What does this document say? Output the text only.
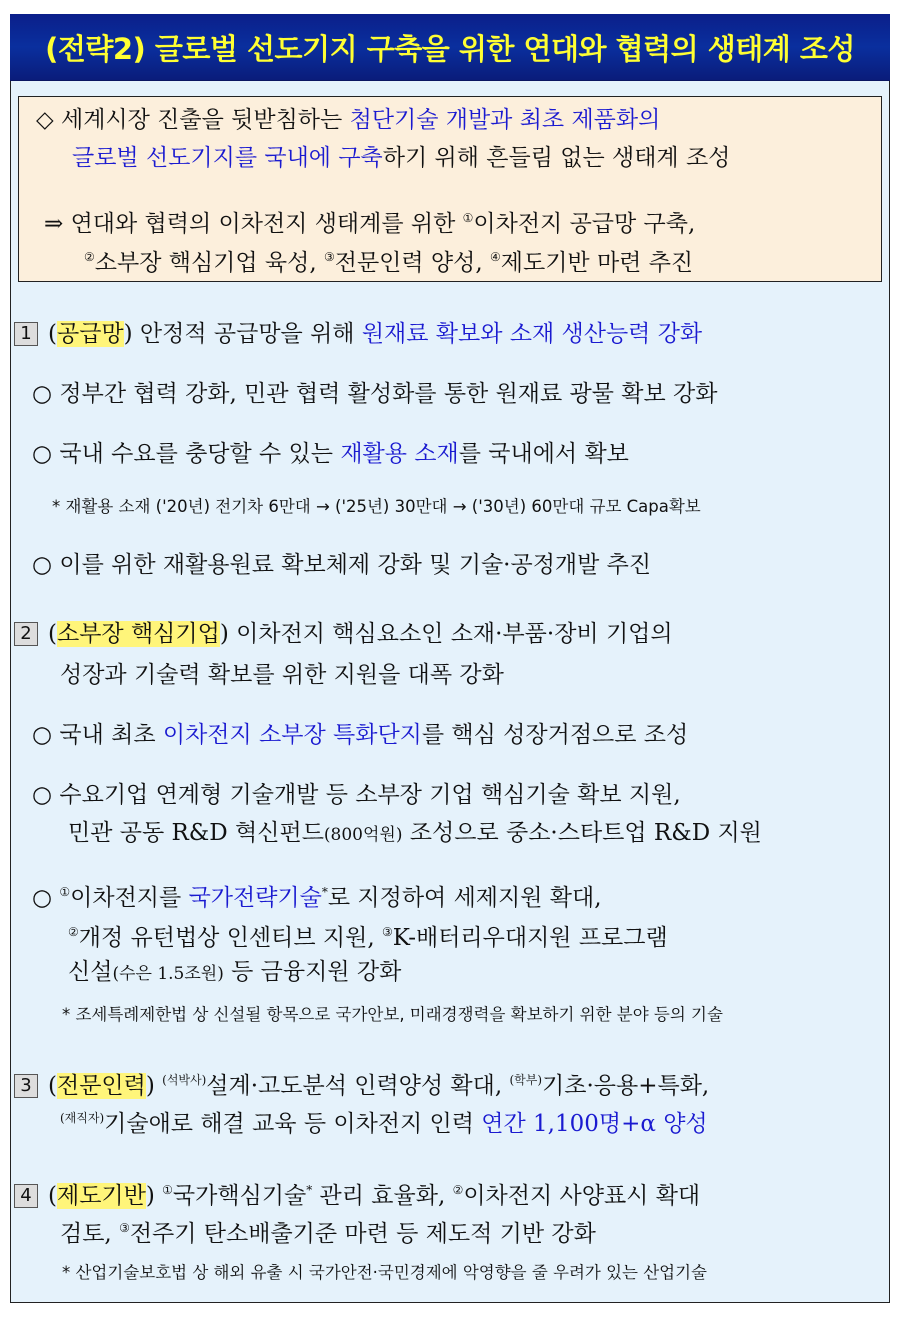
(전략2) 글로벌 선도기지 구축을 위한 연대와 협력의 생태계 조성
◇ 세계시장 진출을 뒷받침하는 첨단기술 개발과 최초 제품화의
글로벌 선도기지를 국내에 구축하기 위해 흔들림 없는 생태계 조성
⇒ 연대와 협력의 이차전지 생태계를 위한 ①이차전지 공급망 구축,
②소부장 핵심기업 육성, ③전문인력 양성, ④제도기반 마련 추진
1 (공급망) 안정적 공급망을 위해 원재료 확보와 소재 생산능력 강화
○ 정부간 협력 강화, 민관 협력 활성화를 통한 원재료 광물 확보 강화
○ 국내 수요를 충당할 수 있는 재활용 소재를 국내에서 확보
* 재활용 소재 ('20년) 전기차 6만대 → ('25년) 30만대 → ('30년) 60만대 규모 Capa확보
○ 이를 위한 재활용원료 확보체제 강화 및 기술·공정개발 추진
2 (소부장 핵심기업) 이차전지 핵심요소인 소재·부품·장비 기업의
성장과 기술력 확보를 위한 지원을 대폭 강화
○ 국내 최초 이차전지 소부장 특화단지를 핵심 성장거점으로 조성
○ 수요기업 연계형 기술개발 등 소부장 기업 핵심기술 확보 지원,
민관 공동 R&D 혁신펀드(800억원) 조성으로 중소·스타트업 R&D 지원
○ ①이차전지를 국가전략기술*로 지정하여 세제지원 확대,
②개정 유턴법상 인센티브 지원, ③K-배터리우대지원 프로그램
신설(수은 1.5조원) 등 금융지원 강화
* 조세특례제한법 상 신설될 항목으로 국가안보, 미래경쟁력을 확보하기 위한 분야 등의 기술
3 (전문인력) $^{(석박사)}$설계·고도분석 인력양성 확대, $^{(학부)}$기초·응용+특화,
$^{(재직자)}$기술애로 해결 교육 등 이차전지 인력 연간 1,100명+α 양성
4 (제도기반) ①국가핵심기술* 관리 효율화, ②이차전지 사양표시 확대
검토, ③전주기 탄소배출기준 마련 등 제도적 기반 강화
* 산업기술보호법 상 해외 유출 시 국가안전·국민경제에 악영향을 줄 우려가 있는 산업기술
